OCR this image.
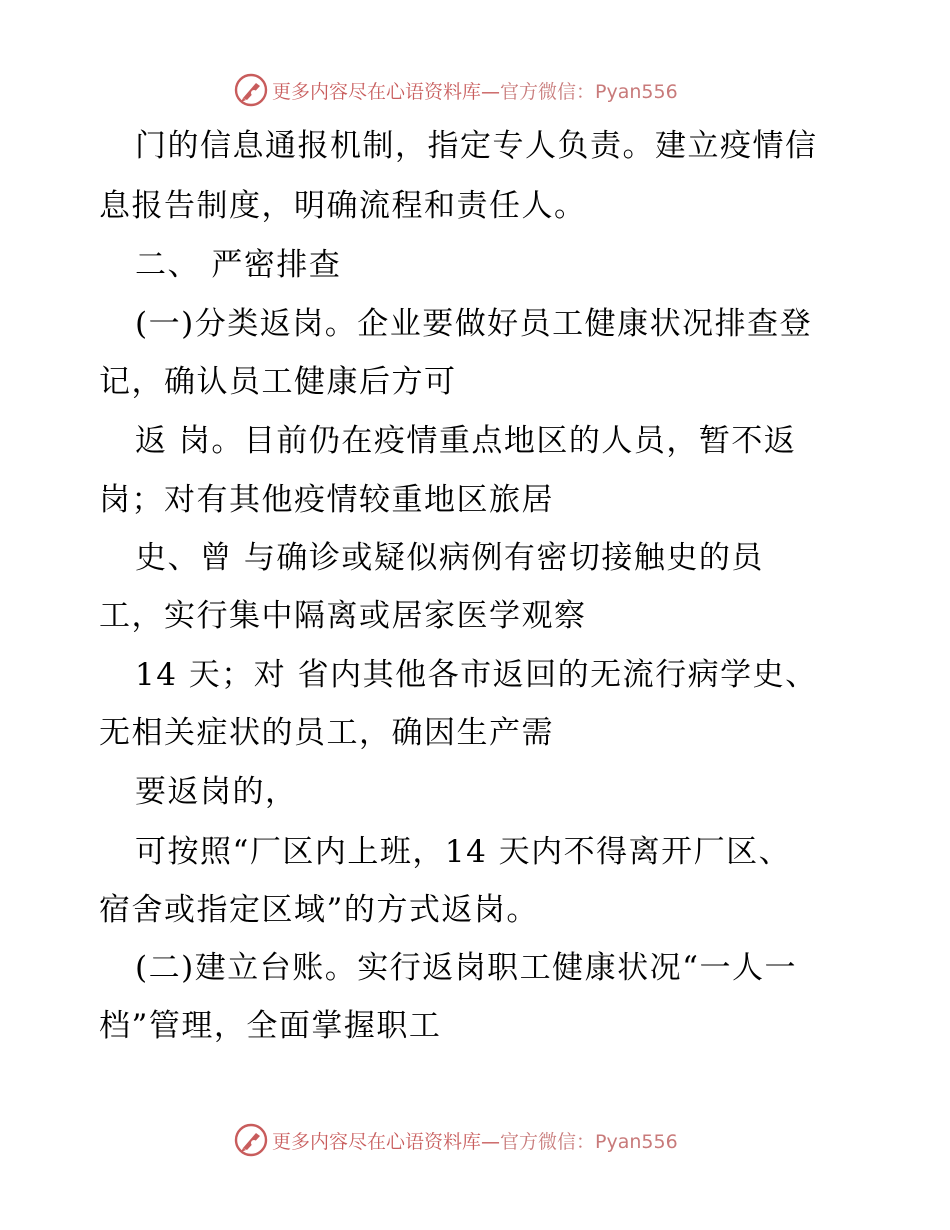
更多内容尽在心语资料库—官方微信：Pyan556
门的信息通报机制，指定专人负责。建立疫情信
息报告制度，明确流程和责任人。
二、 严密排查
(一)分类返岗。企业要做好员工健康状况排查登
记，确认员工健康后方可
返 岗。目前仍在疫情重点地区的人员，暂不返
岗；对有其他疫情较重地区旅居
史、曾 与确诊或疑似病例有密切接触史的员
工，实行集中隔离或居家医学观察
14 天；对 省内其他各市返回的无流行病学史、
无相关症状的员工，确因生产需
要返岗的，
可按照“厂区内上班，14 天内不得离开厂区、
宿舍或指定区域”的方式返岗。
(二)建立台账。实行返岗职工健康状况“一人一
档”管理，全面掌握职工
更多内容尽在心语资料库—官方微信：Pyan556
